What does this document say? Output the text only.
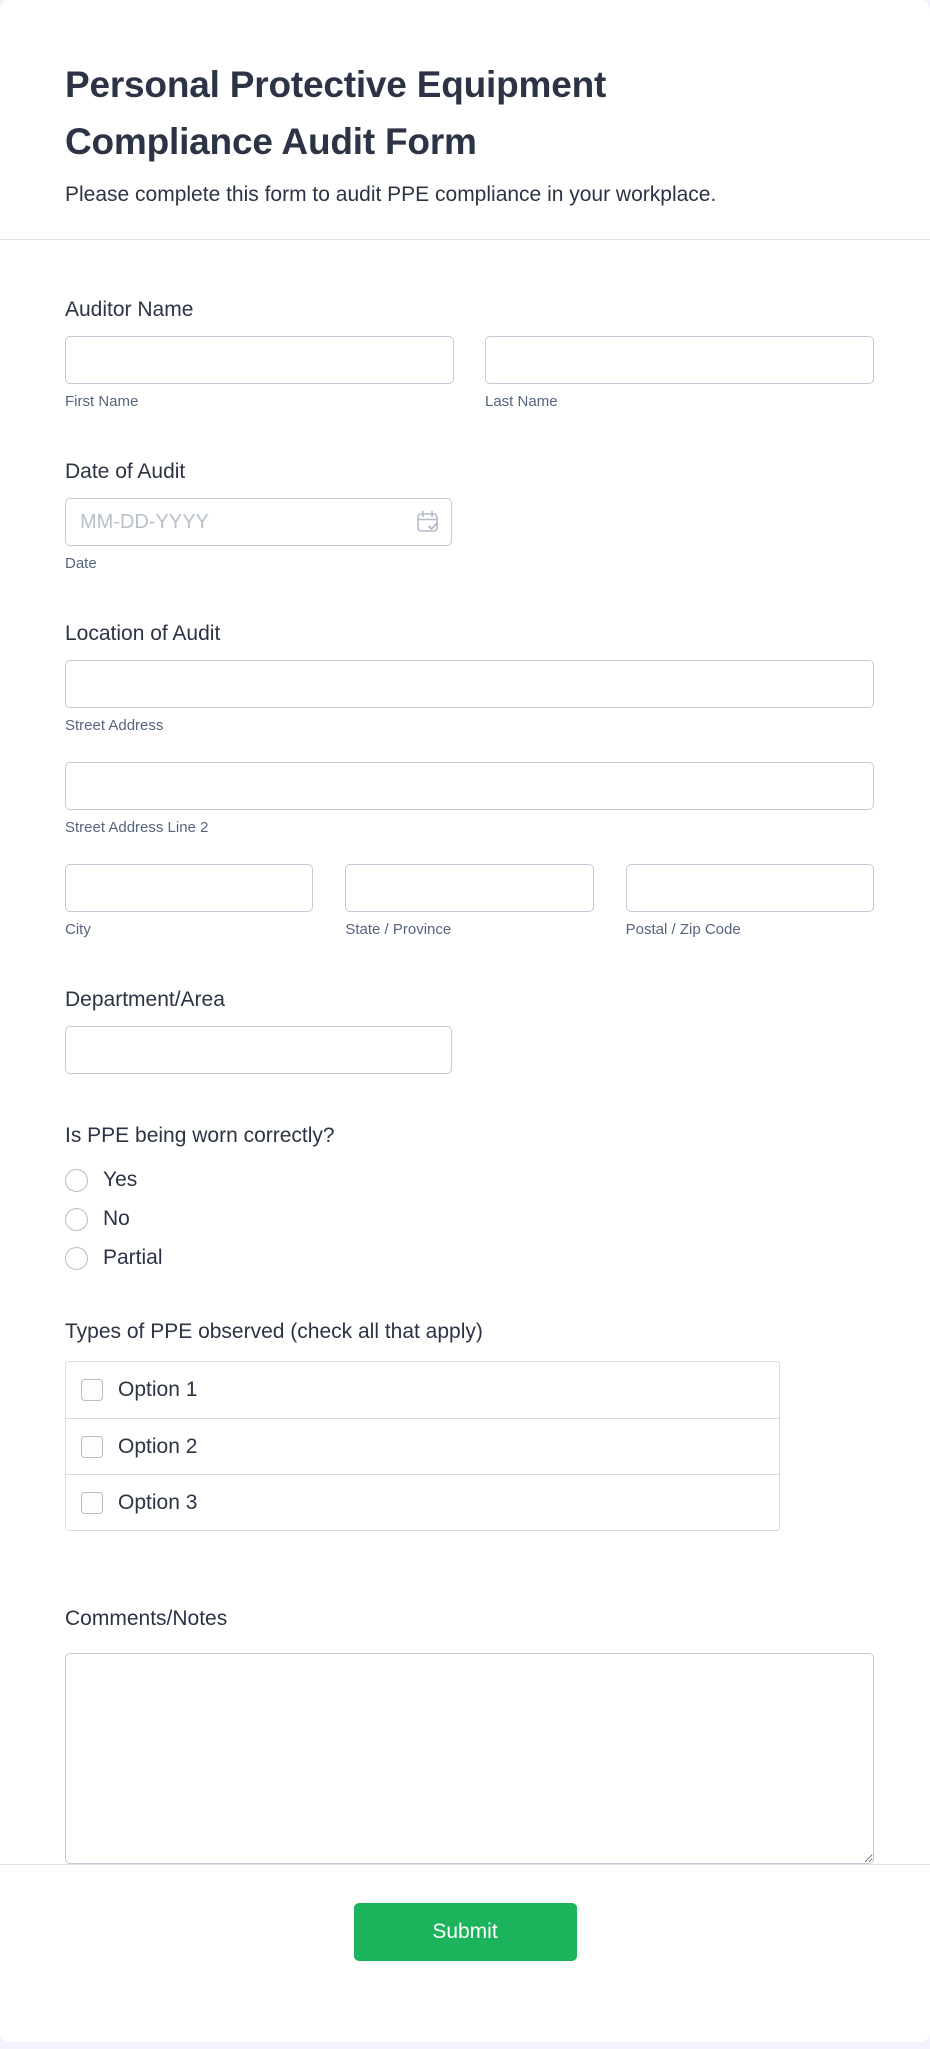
Personal Protective Equipment
Compliance Audit Form
Please complete this form to audit PPE compliance in your workplace.
Auditor Name
First Name	Last Name
Date of Audit
MM-DD-YYYY
Date
Location of Audit
Street Address
Street Address Line 2
City	State / Province	Postal / Zip Code
Department/Area
Is PPE being worn correctly?
Yes
No
Partial
Types of PPE observed (check all that apply)
Option 1
Option 2
Option 3
Comments/Notes
Submit
